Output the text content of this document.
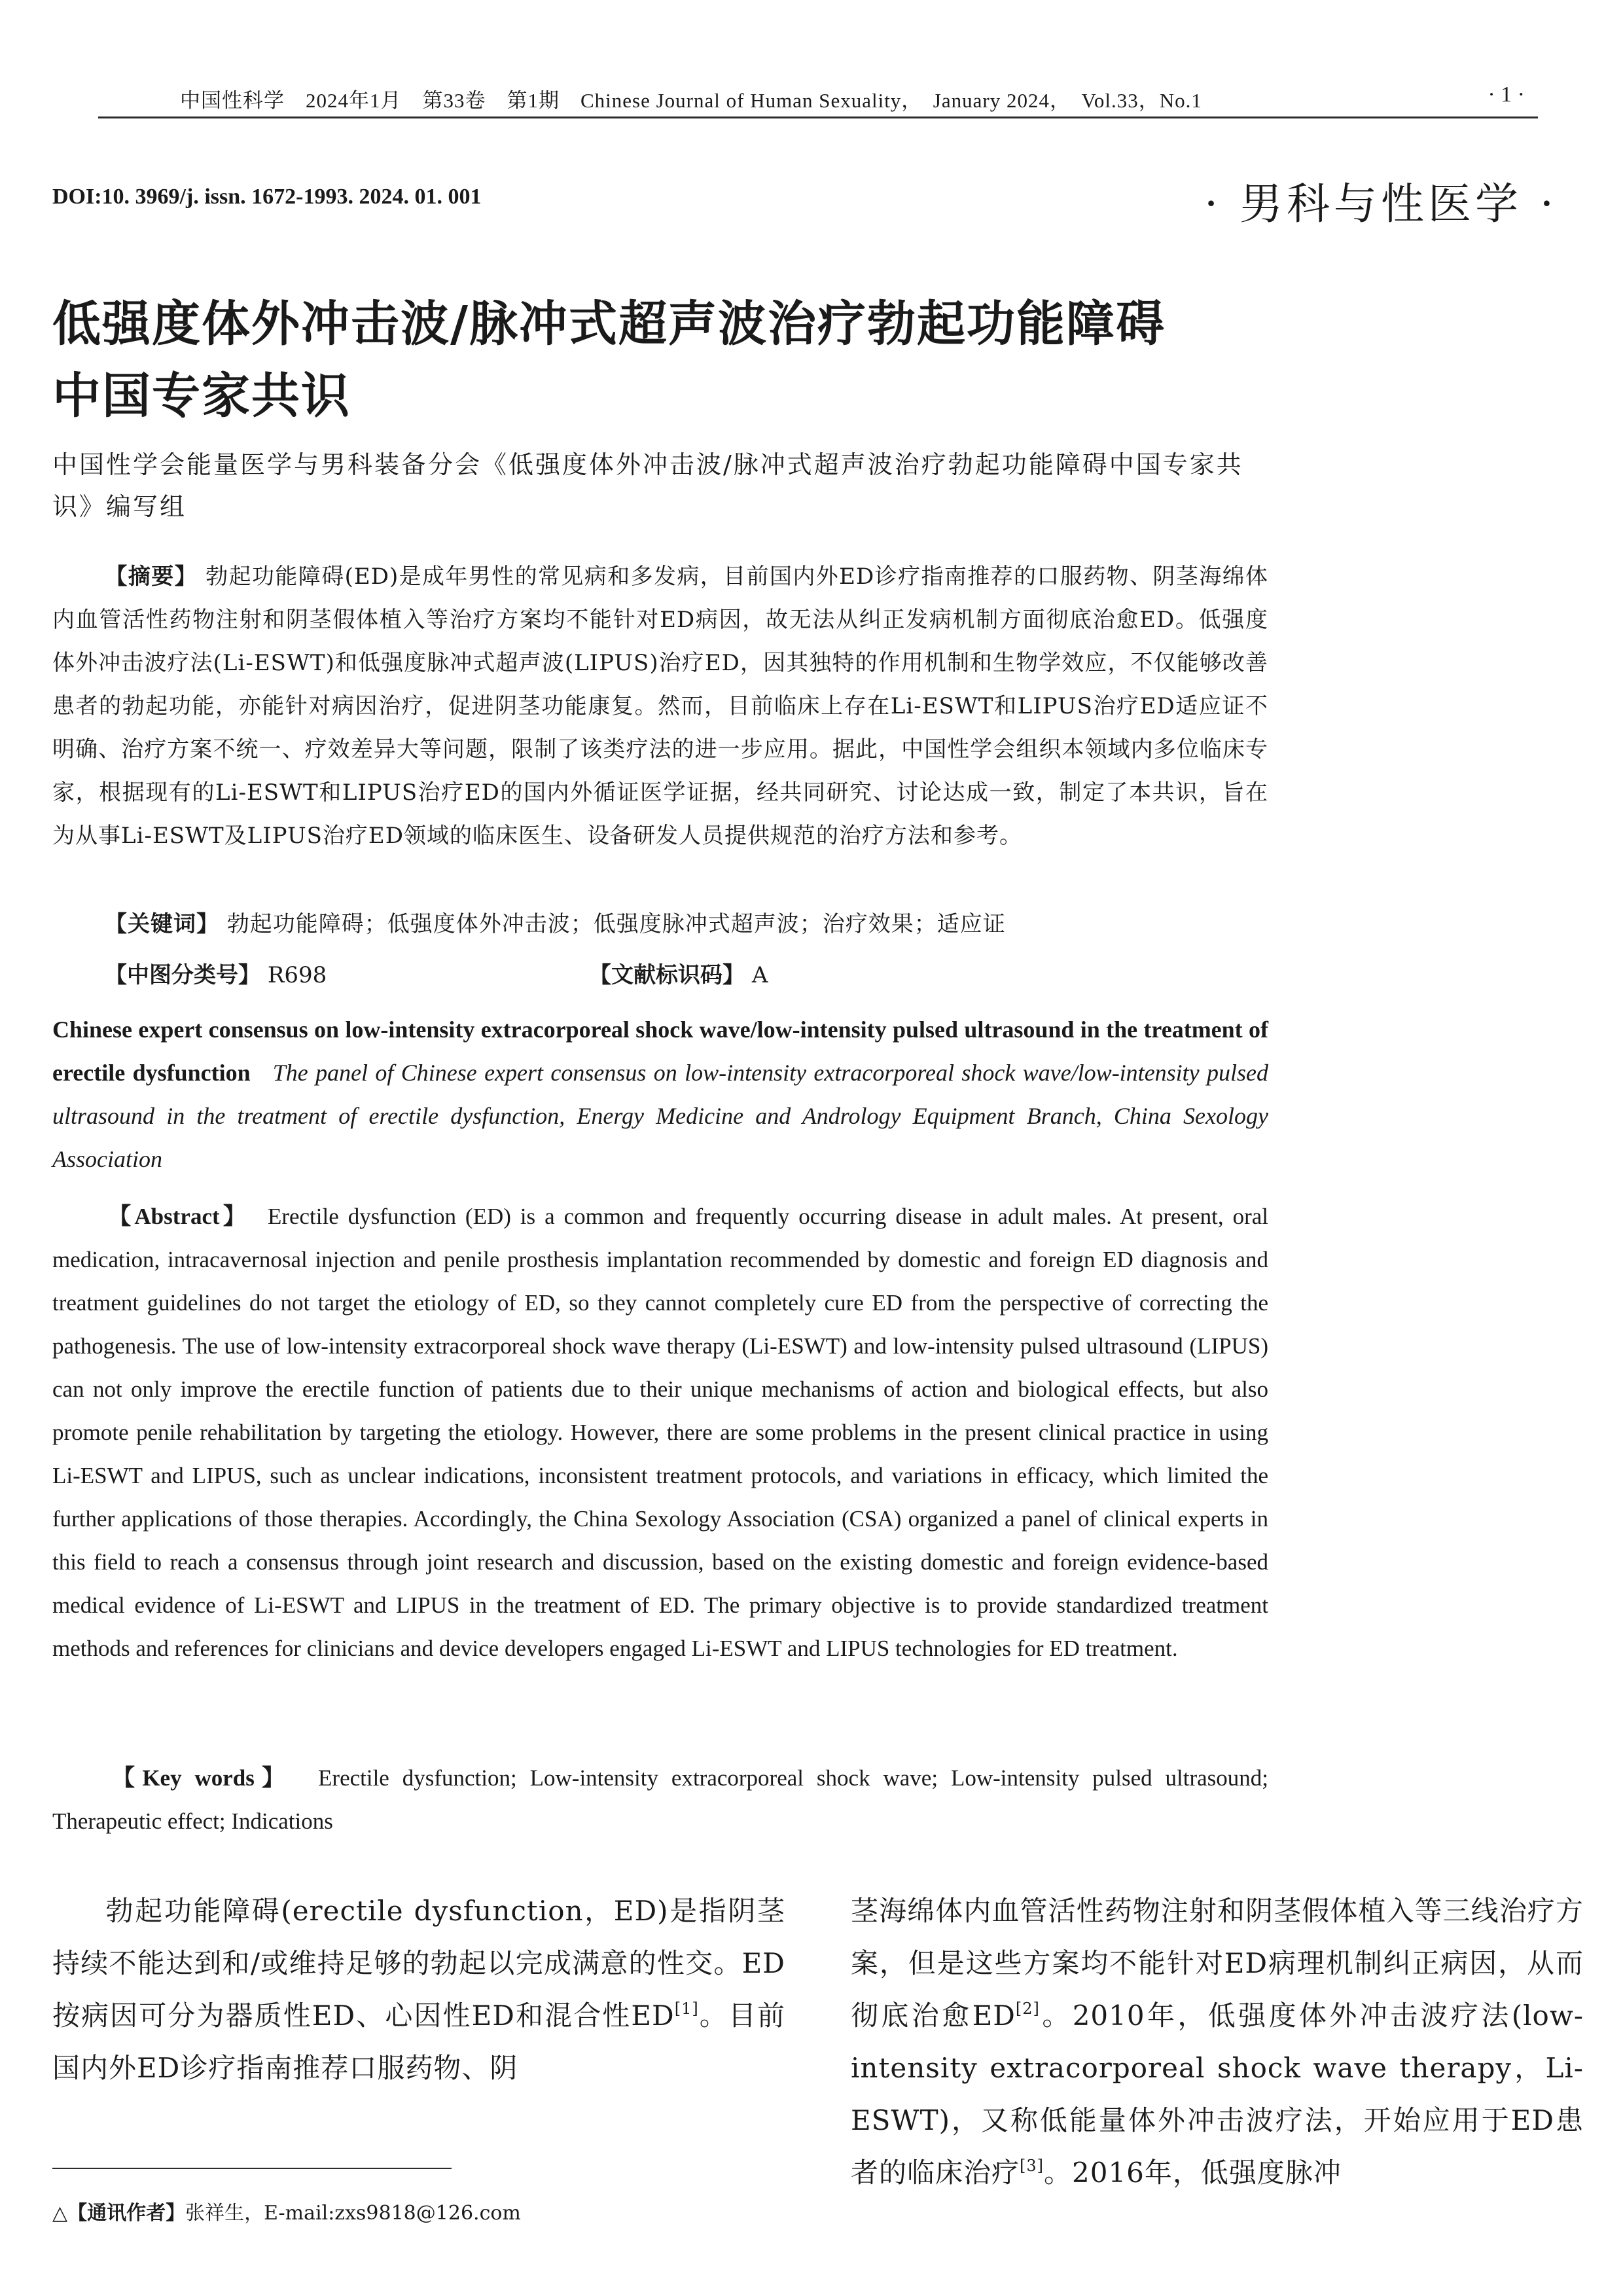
中国性科学　2024年1月　第33卷　第1期　Chinese Journal of Human Sexuality，　January 2024，　Vol.33，No.1	· 1 ·
DOI:10. 3969/j. issn. 1672-1993. 2024. 01. 001	· 男科与性医学 ·
低强度体外冲击波/脉冲式超声波治疗勃起功能障碍
中国专家共识
中国性学会能量医学与男科装备分会《低强度体外冲击波/脉冲式超声波治疗勃起功能障碍中国专家共识》编写组
【摘要】 勃起功能障碍(ED)是成年男性的常见病和多发病，目前国内外ED诊疗指南推荐的口服药物、阴茎海绵体内血管活性药物注射和阴茎假体植入等治疗方案均不能针对ED病因，故无法从纠正发病机制方面彻底治愈ED。低强度体外冲击波疗法(Li-ESWT)和低强度脉冲式超声波(LIPUS)治疗ED，因其独特的作用机制和生物学效应，不仅能够改善患者的勃起功能，亦能针对病因治疗，促进阴茎功能康复。然而，目前临床上存在Li-ESWT和LIPUS治疗ED适应证不明确、治疗方案不统一、疗效差异大等问题，限制了该类疗法的进一步应用。据此，中国性学会组织本领域内多位临床专家，根据现有的Li-ESWT和LIPUS治疗ED的国内外循证医学证据，经共同研究、讨论达成一致，制定了本共识，旨在为从事Li-ESWT及LIPUS治疗ED领域的临床医生、设备研发人员提供规范的治疗方法和参考。
【关键词】 勃起功能障碍；低强度体外冲击波；低强度脉冲式超声波；治疗效果；适应证
【中图分类号】 R698	【文献标识码】 A
Chinese expert consensus on low-intensity extracorporeal shock wave/low-intensity pulsed ultrasound in the treatment of erectile dysfunction The panel of Chinese expert consensus on low-intensity extracorporeal shock wave/low-intensity pulsed ultrasound in the treatment of erectile dysfunction, Energy Medicine and Andrology Equipment Branch, China Sexology Association
【Abstract】 Erectile dysfunction (ED) is a common and frequently occurring disease in adult males. At present, oral medication, intracavernosal injection and penile prosthesis implantation recommended by domestic and foreign ED diagnosis and treatment guidelines do not target the etiology of ED, so they cannot completely cure ED from the perspective of correcting the pathogenesis. The use of low-intensity extracorporeal shock wave therapy (Li-ESWT) and low-intensity pulsed ultrasound (LIPUS) can not only improve the erectile function of patients due to their unique mechanisms of action and biological effects, but also promote penile rehabilitation by targeting the etiology. However, there are some problems in the present clinical practice in using Li-ESWT and LIPUS, such as unclear indications, inconsistent treatment protocols, and variations in efficacy, which limited the further applications of those therapies. Accordingly, the China Sexology Association (CSA) organized a panel of clinical experts in this field to reach a consensus through joint research and discussion, based on the existing domestic and foreign evidence-based medical evidence of Li-ESWT and LIPUS in the treatment of ED. The primary objective is to provide standardized treatment methods and references for clinicians and device developers engaged Li-ESWT and LIPUS technologies for ED treatment.
【Key words】 Erectile dysfunction; Low-intensity extracorporeal shock wave; Low-intensity pulsed ultrasound; Therapeutic effect; Indications
勃起功能障碍(erectile dysfunction，ED)是指阴茎持续不能达到和/或维持足够的勃起以完成满意的性交。ED按病因可分为器质性ED、心因性ED和混合性ED[1]。目前国内外ED诊疗指南推荐口服药物、阴
茎海绵体内血管活性药物注射和阴茎假体植入等三线治疗方案，但是这些方案均不能针对ED病理机制纠正病因，从而彻底治愈ED[2]。2010年，低强度体外冲击波疗法(low-intensity extracorporeal shock wave therapy，Li-ESWT)，又称低能量体外冲击波疗法，开始应用于ED患者的临床治疗[3]。2016年，低强度脉冲
△【通讯作者】张祥生，E-mail:zxs9818@126.com
